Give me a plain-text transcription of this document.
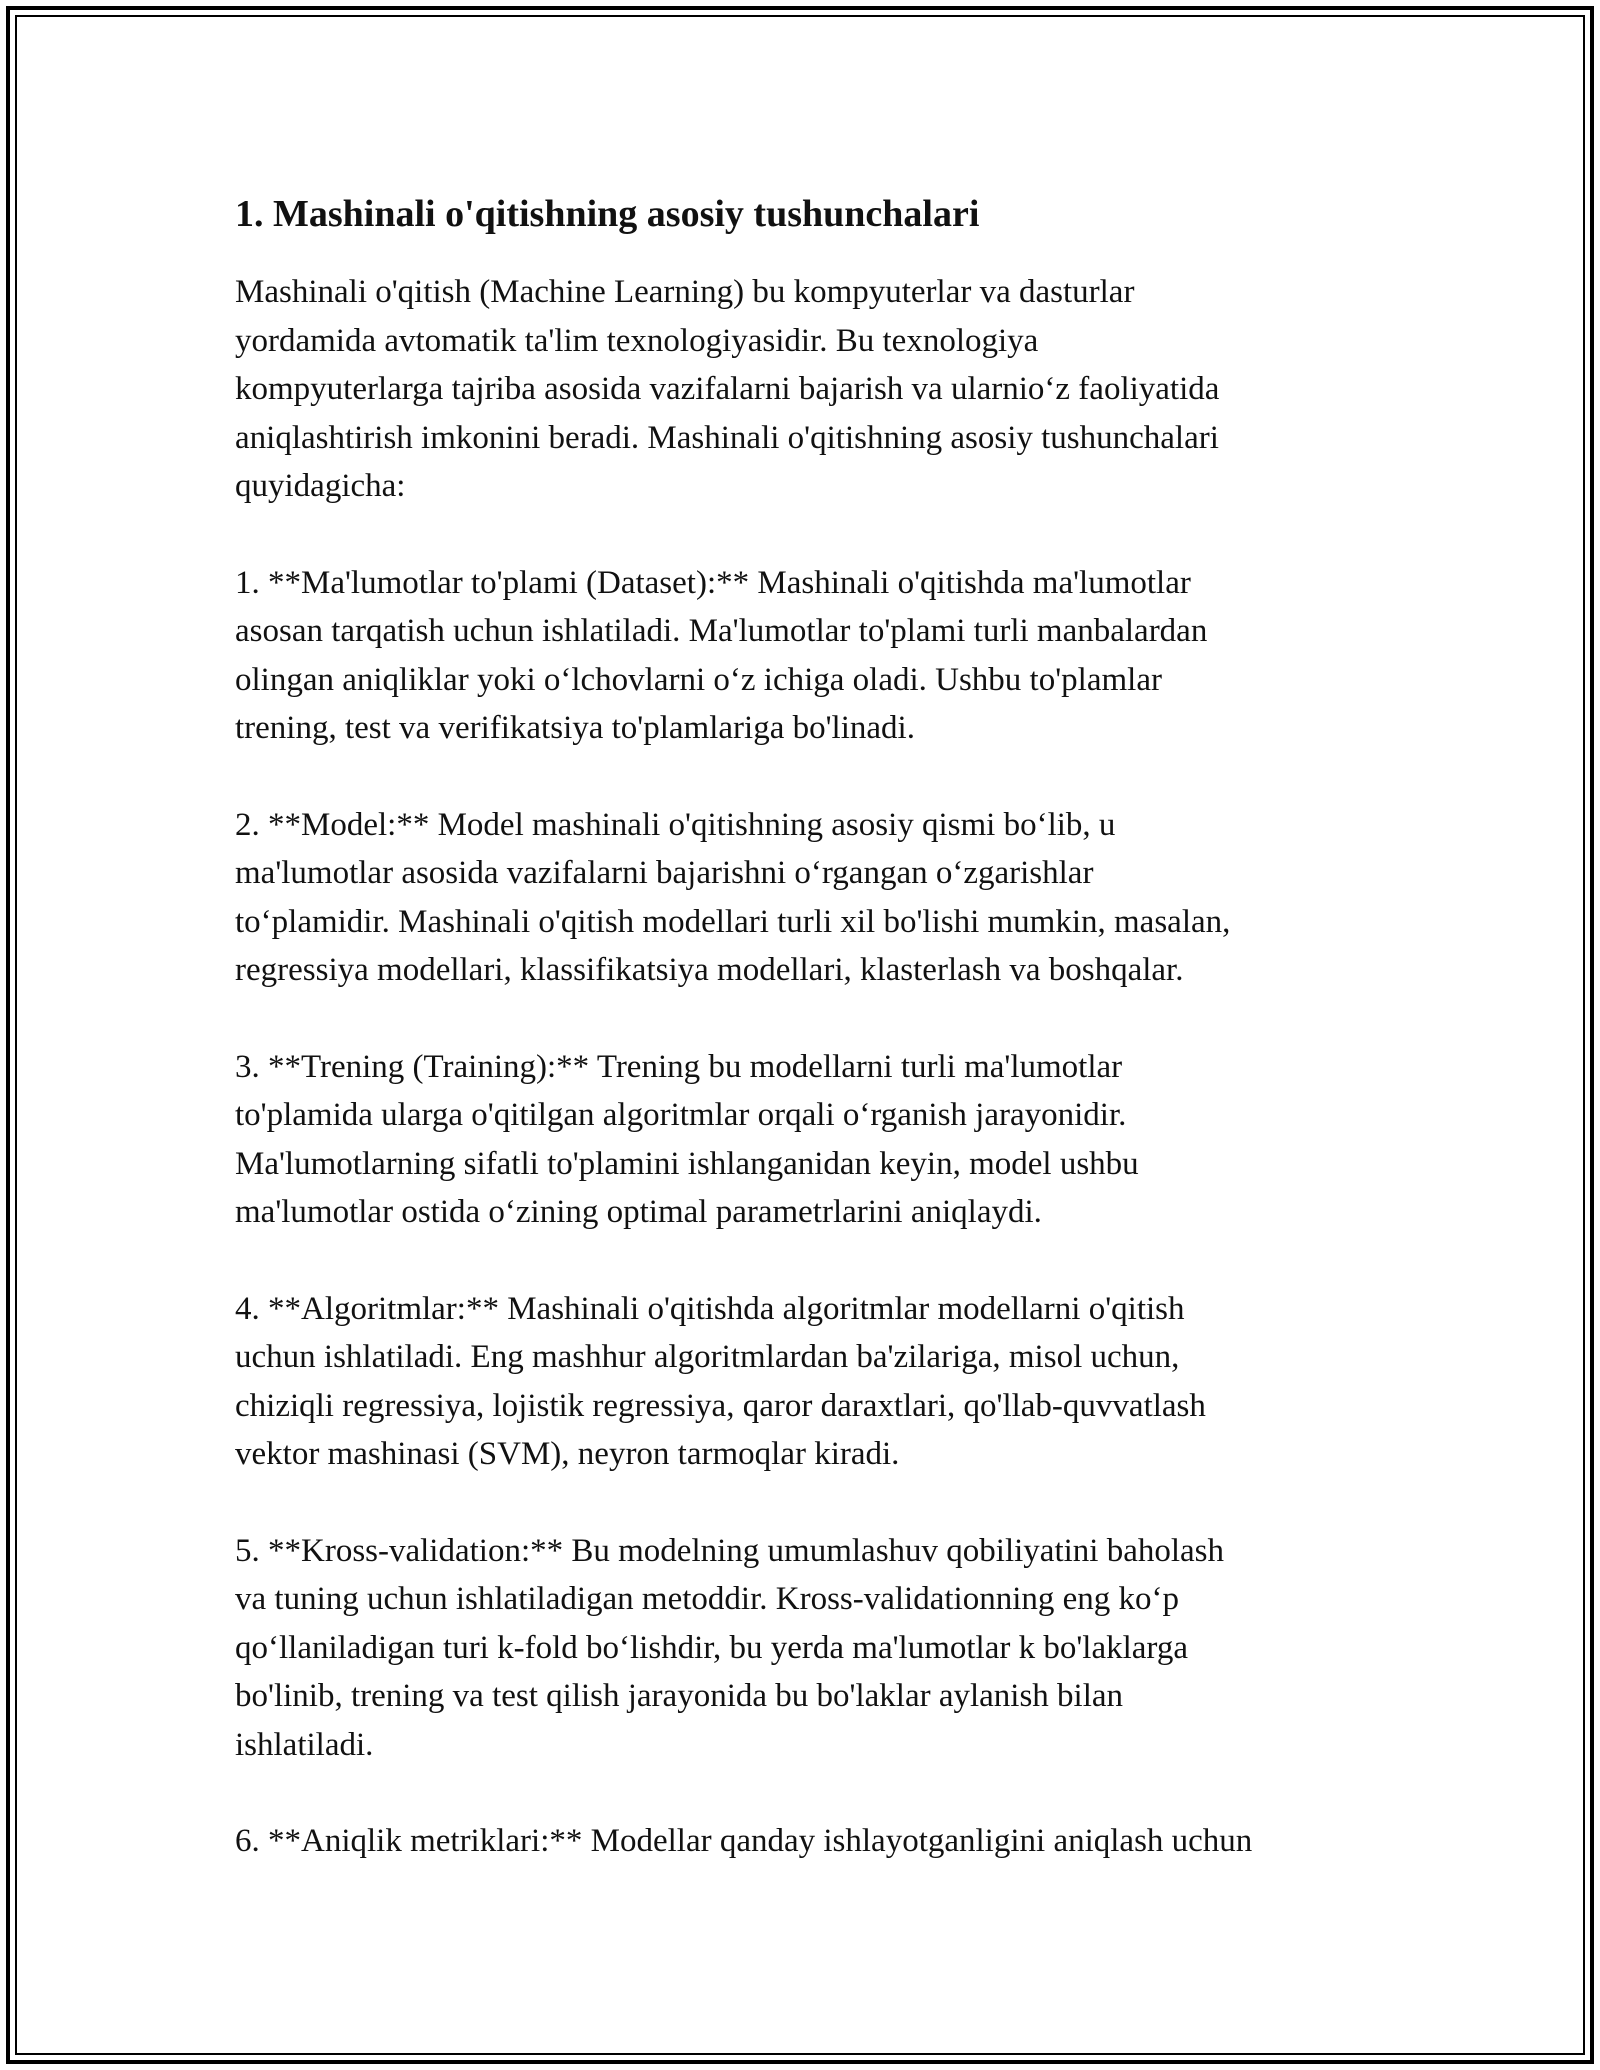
1. Mashinali o'qitishning asosiy tushunchalari

Mashinali o'qitish (Machine Learning) bu kompyuterlar va dasturlar
yordamida avtomatik ta'lim texnologiyasidir. Bu texnologiya
kompyuterlarga tajriba asosida vazifalarni bajarish va ularnio‘z faoliyatida
aniqlashtirish imkonini beradi. Mashinali o'qitishning asosiy tushunchalari
quyidagicha:

1. **Ma'lumotlar to'plami (Dataset):** Mashinali o'qitishda ma'lumotlar
asosan tarqatish uchun ishlatiladi. Ma'lumotlar to'plami turli manbalardan
olingan aniqliklar yoki o‘lchovlarni o‘z ichiga oladi. Ushbu to'plamlar
trening, test va verifikatsiya to'plamlariga bo'linadi.

2. **Model:** Model mashinali o'qitishning asosiy qismi bo‘lib, u
ma'lumotlar asosida vazifalarni bajarishni o‘rgangan o‘zgarishlar
to‘plamidir. Mashinali o'qitish modellari turli xil bo'lishi mumkin, masalan,
regressiya modellari, klassifikatsiya modellari, klasterlash va boshqalar.

3. **Trening (Training):** Trening bu modellarni turli ma'lumotlar
to'plamida ularga o'qitilgan algoritmlar orqali o‘rganish jarayonidir.
Ma'lumotlarning sifatli to'plamini ishlanganidan keyin, model ushbu
ma'lumotlar ostida o‘zining optimal parametrlarini aniqlaydi.

4. **Algoritmlar:** Mashinali o'qitishda algoritmlar modellarni o'qitish
uchun ishlatiladi. Eng mashhur algoritmlardan ba'zilariga, misol uchun,
chiziqli regressiya, lojistik regressiya, qaror daraxtlari, qo'llab-quvvatlash
vektor mashinasi (SVM), neyron tarmoqlar kiradi.

5. **Kross-validation:** Bu modelning umumlashuv qobiliyatini baholash
va tuning uchun ishlatiladigan metoddir. Kross-validationning eng ko‘p
qo‘llaniladigan turi k-fold bo‘lishdir, bu yerda ma'lumotlar k bo'laklarga
bo'linib, trening va test qilish jarayonida bu bo'laklar aylanish bilan
ishlatiladi.

6. **Aniqlik metriklari:** Modellar qanday ishlayotganligini aniqlash uchun
